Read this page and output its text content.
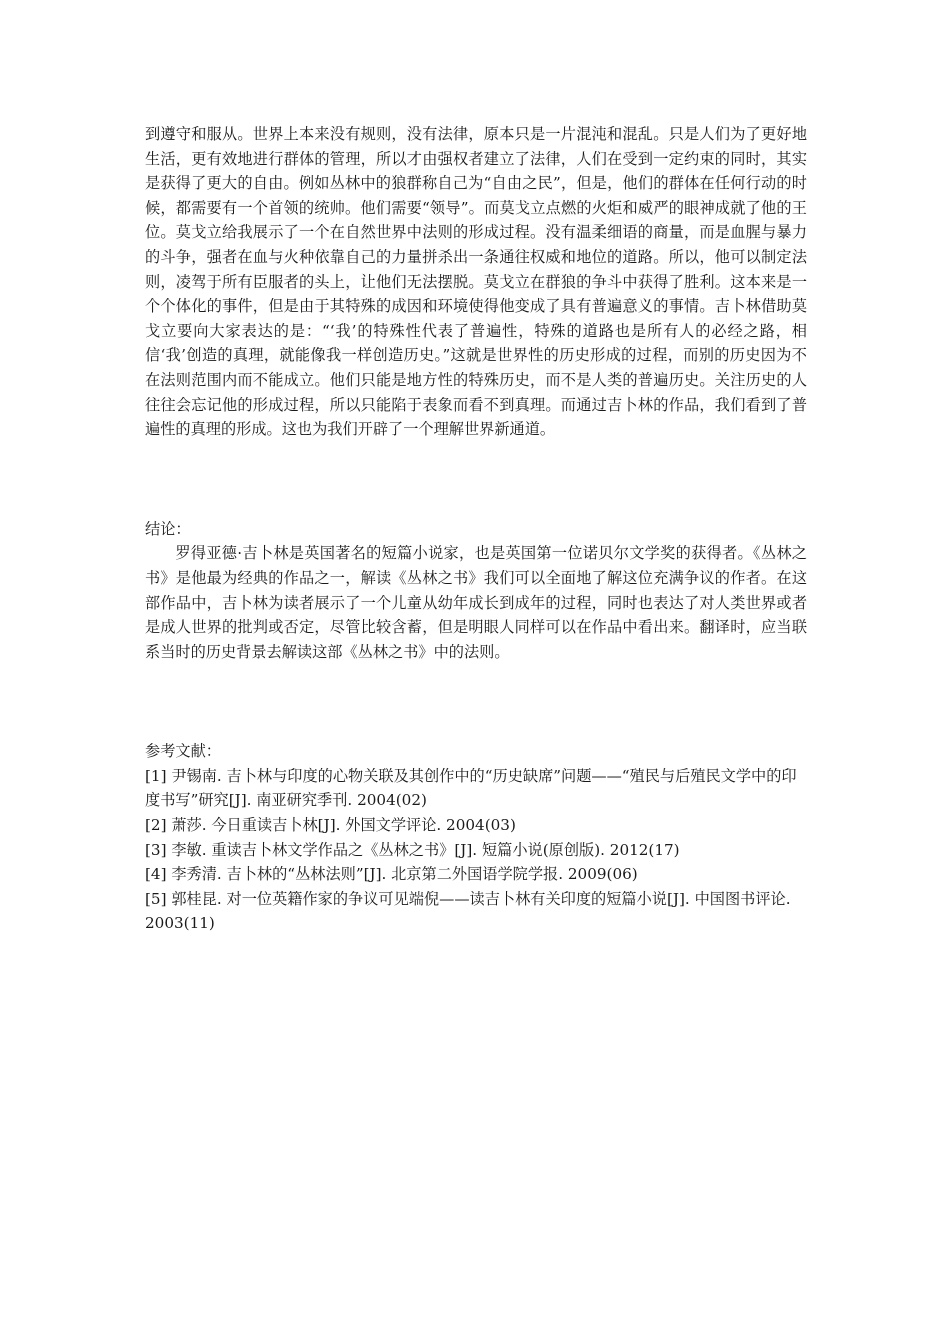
到遵守和服从。世界上本来没有规则，没有法律，原本只是一片混沌和混乱。只是人们为了更好地生活，更有效地进行群体的管理，所以才由强权者建立了法律，人们在受到一定约束的同时，其实是获得了更大的自由。例如丛林中的狼群称自己为“自由之民”，但是，他们的群体在任何行动的时候，都需要有一个首领的统帅。他们需要“领导”。而莫戈立点燃的火炬和威严的眼神成就了他的王位。莫戈立给我展示了一个在自然世界中法则的形成过程。没有温柔细语的商量，而是血腥与暴力的斗争，强者在血与火种依靠自己的力量拼杀出一条通往权威和地位的道路。所以，他可以制定法则，凌驾于所有臣服者的头上，让他们无法摆脱。莫戈立在群狼的争斗中获得了胜利。这本来是一个个体化的事件，但是由于其特殊的成因和环境使得他变成了具有普遍意义的事情。吉卜林借助莫戈立要向大家表达的是：“‘我’的特殊性代表了普遍性，特殊的道路也是所有人的必经之路，相信‘我’创造的真理，就能像我一样创造历史。”这就是世界性的历史形成的过程，而别的历史因为不在法则范围内而不能成立。他们只能是地方性的特殊历史，而不是人类的普遍历史。关注历史的人往往会忘记他的形成过程，所以只能陷于表象而看不到真理。而通过吉卜林的作品，我们看到了普遍性的真理的形成。这也为我们开辟了一个理解世界新通道。

结论：

罗得亚德·吉卜林是英国著名的短篇小说家，也是英国第一位诺贝尔文学奖的获得者。《丛林之书》是他最为经典的作品之一，解读《丛林之书》我们可以全面地了解这位充满争议的作者。在这部作品中，吉卜林为读者展示了一个儿童从幼年成长到成年的过程，同时也表达了对人类世界或者是成人世界的批判或否定，尽管比较含蓄，但是明眼人同样可以在作品中看出来。翻译时，应当联系当时的历史背景去解读这部《丛林之书》中的法则。

参考文献：

[1] 尹锡南. 吉卜林与印度的心物关联及其创作中的“历史缺席”问题——“殖民与后殖民文学中的印度书写”研究[J]. 南亚研究季刊. 2004(02)
[2] 萧莎. 今日重读吉卜林[J]. 外国文学评论. 2004(03)
[3] 李敏. 重读吉卜林文学作品之《丛林之书》[J]. 短篇小说(原创版). 2012(17)
[4] 李秀清. 吉卜林的“丛林法则”[J]. 北京第二外国语学院学报. 2009(06)
[5] 郭桂昆. 对一位英籍作家的争议可见端倪——读吉卜林有关印度的短篇小说[J]. 中国图书评论. 2003(11)
